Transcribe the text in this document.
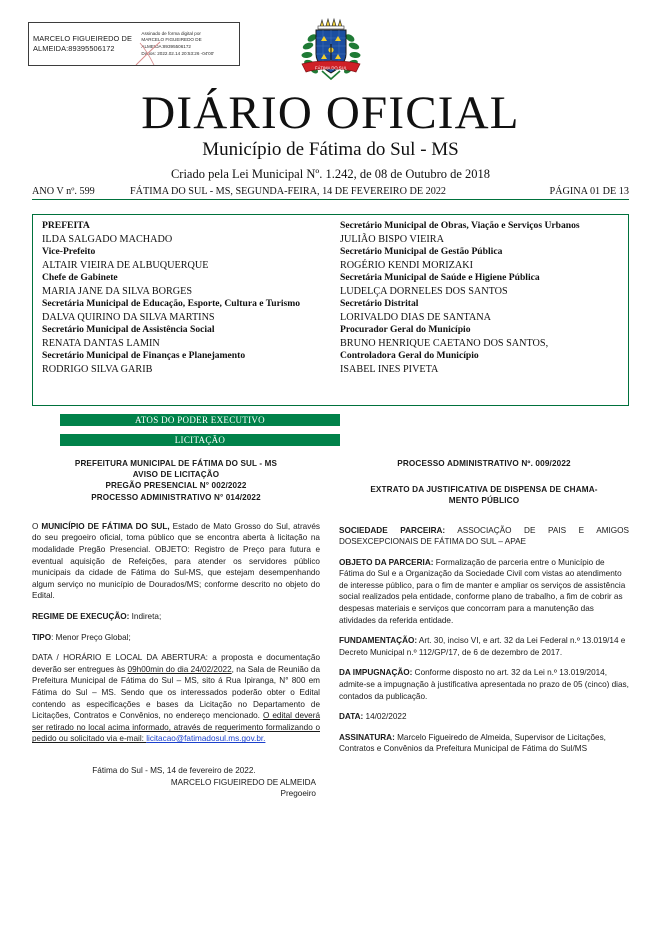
MARCELO FIGUEIREDO DE
ALMEIDA:89395506172
Assinado de forma digital por
MARCELO FIGUEIREDO DE
ALMEIDA:89395506172
Dados: 2022.02.14 20:53:26 -04'00'
FÁTIMA DO SUL
DIÁRIO OFICIAL
Município de Fátima do Sul - MS
Criado pela Lei Municipal Nº. 1.242, de 08 de Outubro de 2018
ANO V nº. 599	FÁTIMA DO SUL - MS, SEGUNDA-FEIRA, 14 DE FEVEREIRO DE 2022	PÁGINA 01 DE 13
PREFEITA
ILDA SALGADO MACHADO
Vice-Prefeito
ALTAIR VIEIRA DE ALBUQUERQUE
Chefe de Gabinete
MARIA JANE DA SILVA BORGES
Secretária Municipal de Educação, Esporte, Cultura e Turismo
DALVA QUIRINO DA SILVA MARTINS
Secretário Municipal de Assistência Social
RENATA DANTAS LAMIN
Secretário Municipal de Finanças e Planejamento
RODRIGO SILVA GARIB
Secretário Municipal de Obras, Viação e Serviços Urbanos
JULIÃO BISPO VIEIRA
Secretário Municipal de Gestão Pública
ROGÉRIO KENDI MORIZAKI
Secretária Municipal de Saúde e Higiene Pública
LUDELÇA DORNELES DOS SANTOS
Secretário Distrital
LORIVALDO DIAS DE SANTANA
Procurador Geral do Município
BRUNO HENRIQUE CAETANO DOS SANTOS,
Controladora Geral do Município
ISABEL INES PIVETA
ATOS DO PODER EXECUTIVO
LICITAÇÃO
PREFEITURA MUNICIPAL DE FÁTIMA DO SUL - MS
AVISO DE LICITAÇÃO
PREGÃO PRESENCIAL N° 002/2022
PROCESSO ADMINISTRATIVO N° 014/2022

O MUNICÍPIO DE FÁTIMA DO SUL, Estado de Mato Grosso do Sul, através do seu pregoeiro oficial, toma público que se encontra aberta à licitação na modalidade Pregão Presencial. OBJETO: Registro de Preço para futura e eventual aquisição de Refeições, para atender os servidores público municipais da cidade de Fátima do Sul-MS, que estejam desempenhando algum serviço no município de Dourados/MS; conforme descrito no objeto do Edital.

REGIME DE EXECUÇÃO: Indireta;

TIPO: Menor Preço Global;

DATA / HORÁRIO E LOCAL DA ABERTURA: a proposta e documentação deverão ser entregues às 09h00min do dia 24/02/2022, na Sala de Reunião da Prefeitura Municipal de Fátima do Sul – MS, sito á Rua Ipiranga, N° 800 em Fátima do Sul – MS. Sendo que os interessados poderão obter o Edital contendo as especificações e bases da Licitação no Departamento de Licitações, Contratos e Convênios, no endereço mencionado. O edital deverá ser retirado no local acima informado, através de requerimento formalizando o pedido ou solicitado via e-mail: licitacao@fatimadosul.ms.gov.br.

Fátima do Sul - MS, 14 de fevereiro de 2022.
MARCELO FIGUEIREDO DE ALMEIDA
Pregoeiro
PROCESSO ADMINISTRATIVO Nº. 009/2022
EXTRATO DA JUSTIFICATIVA DE DISPENSA DE CHAMA-
MENTO PÚBLICO

SOCIEDADE PARCEIRA: ASSOCIAÇÃO DE PAIS E AMIGOS DOSEXCEPCIONAIS DE FÁTIMA DO SUL – APAE

OBJETO DA PARCERIA: Formalização de parceria entre o Município de Fátima do Sul e a Organização da Sociedade Civil com vistas ao atendimento de interesse público, para o fim de manter e ampliar os serviços de assistência social realizados pela entidade, conforme plano de trabalho, a fim de cobrir as despesas materiais e serviços que concorram para a manutenção das atividades da referida entidade.

FUNDAMENTAÇÃO: Art. 30, inciso VI, e art. 32 da Lei Federal n.º 13.019/14 e Decreto Municipal n.º 112/GP/17, de 6 de dezembro de 2017.

DA IMPUGNAÇÃO: Conforme disposto no art. 32 da Lei n.º 13.019/2014, admite-se a impugnação à justificativa apresentada no prazo de 05 (cinco) dias, contados da publicação.

DATA: 14/02/2022

ASSINATURA: Marcelo Figueiredo de Almeida, Supervisor de Licitações, Contratos e Convênios da Prefeitura Municipal de Fátima do Sul/MS
